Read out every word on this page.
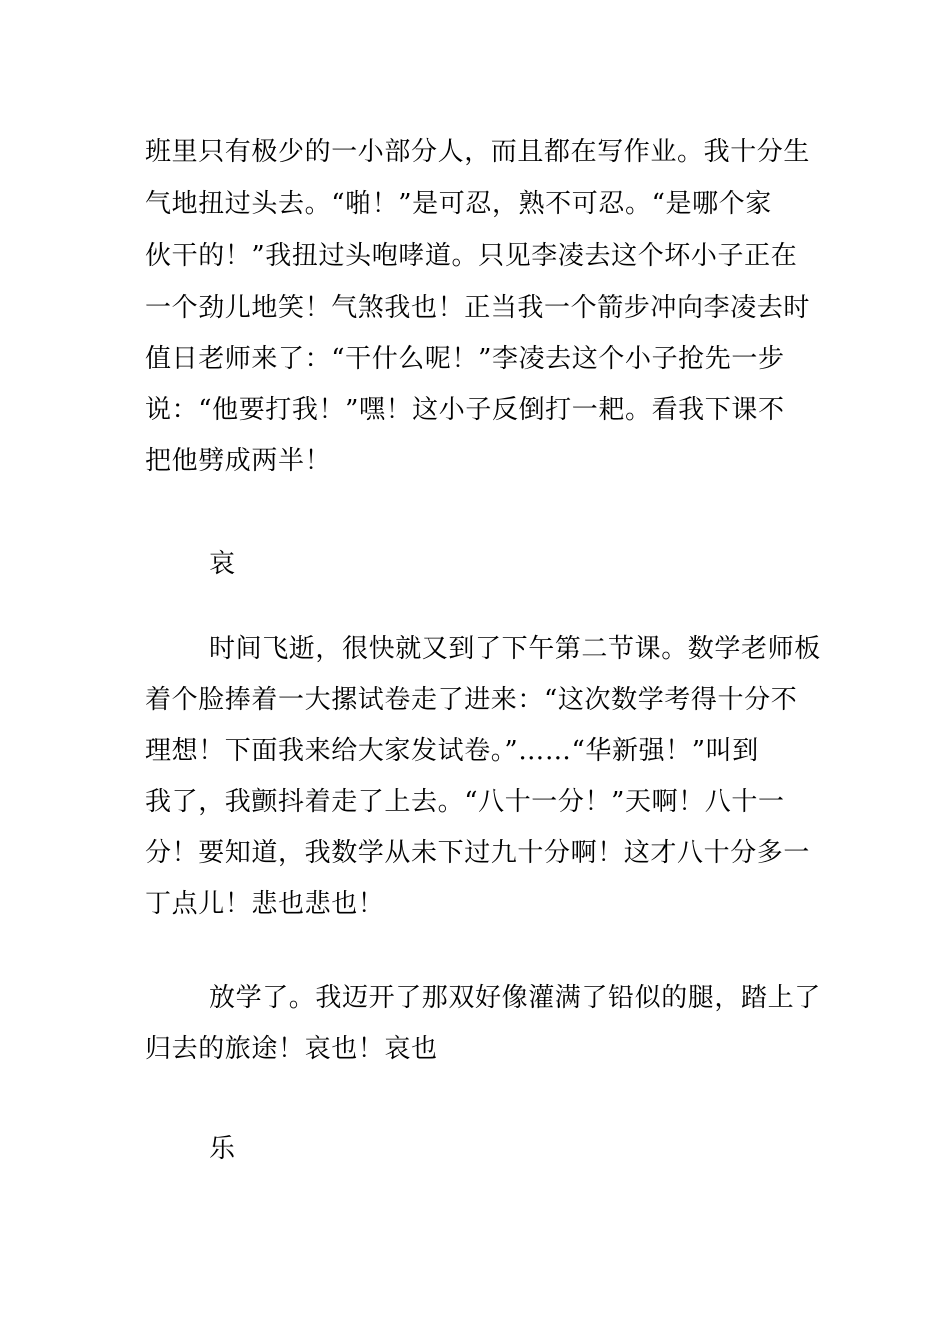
班里只有极少的一小部分人，而且都在写作业。我十分生
气地扭过头去。“啪！”是可忍，熟不可忍。“是哪个家
伙干的！”我扭过头咆哮道。只见李凌去这个坏小子正在
一个劲儿地笑！气煞我也！正当我一个箭步冲向李凌去时
值日老师来了：“干什么呢！”李凌去这个小子抢先一步
说：“他要打我！”嘿！这小子反倒打一耙。看我下课不
把他劈成两半！
哀
时间飞逝，很快就又到了下午第二节课。数学老师板
着个脸捧着一大摞试卷走了进来：“这次数学考得十分不
理想！下面我来给大家发试卷。”……“华新强！”叫到
我了，我颤抖着走了上去。“八十一分！”天啊！八十一
分！要知道，我数学从未下过九十分啊！这才八十分多一
丁点儿！悲也悲也！
放学了。我迈开了那双好像灌满了铅似的腿，踏上了
归去的旅途！哀也！哀也
乐
